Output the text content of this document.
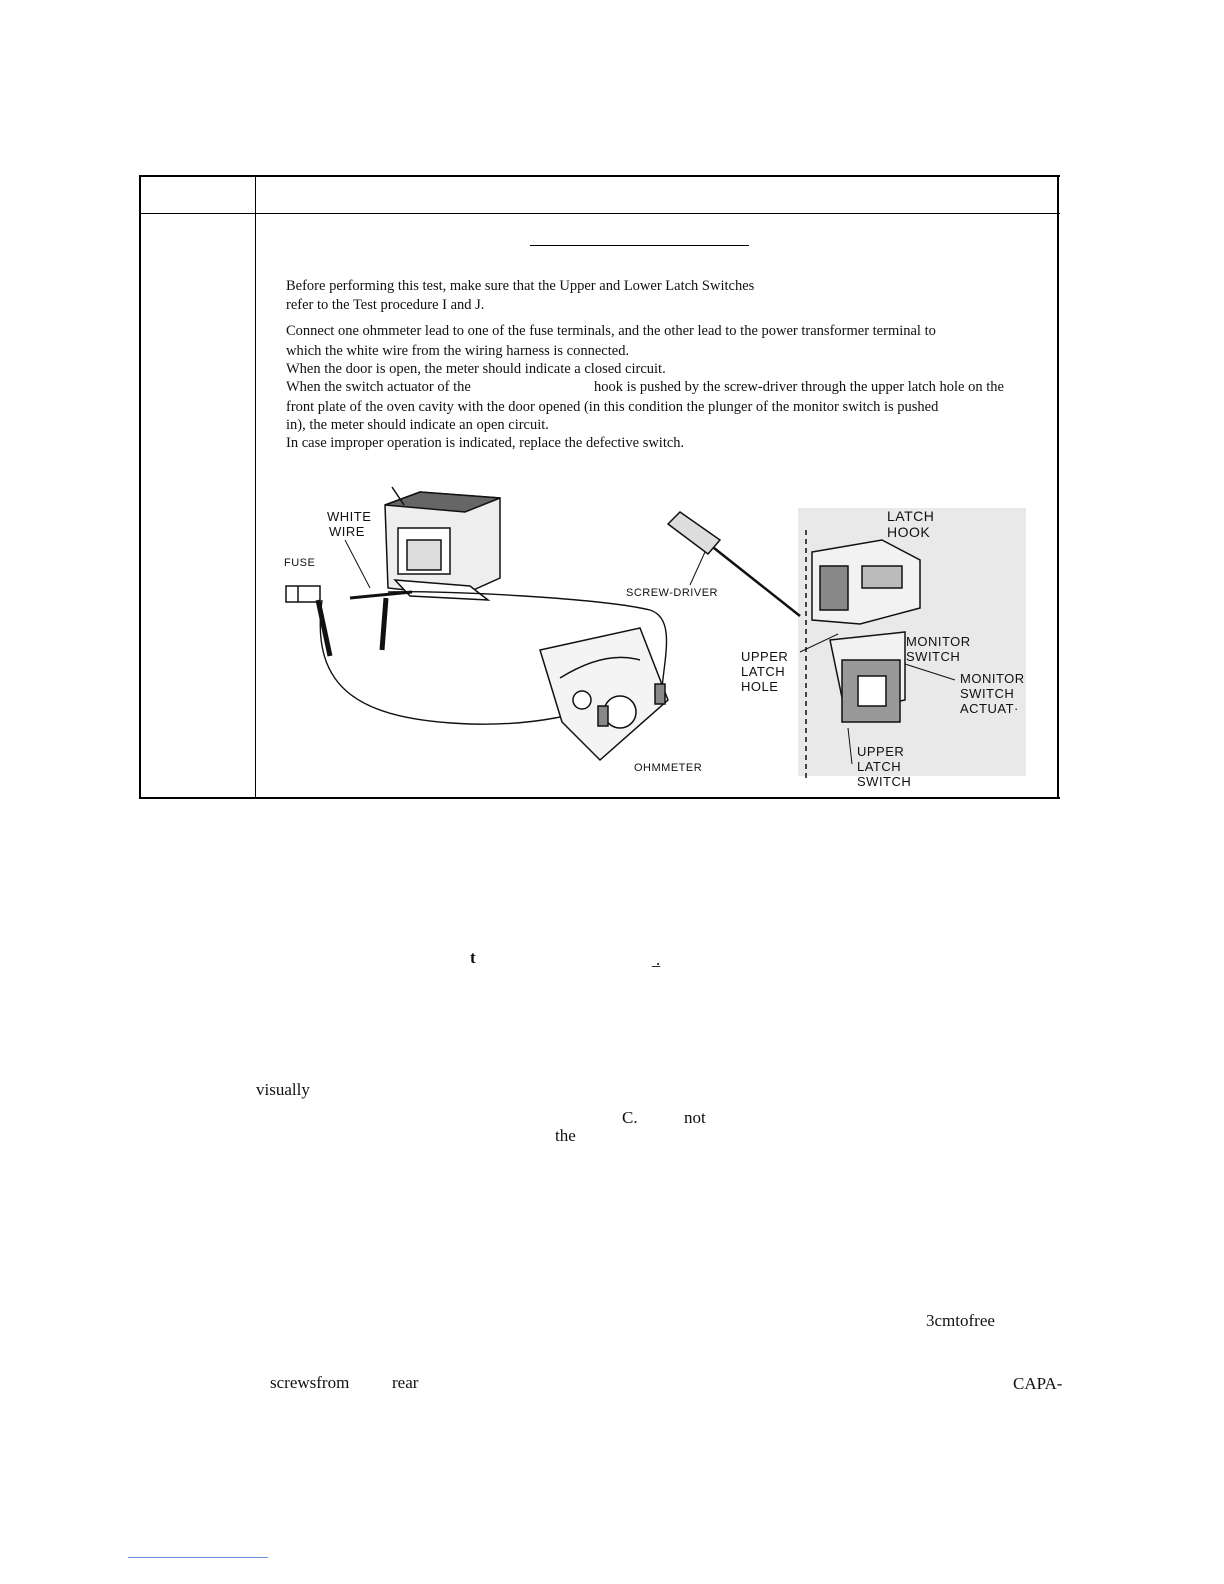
Before performing this test, make sure that the Upper and Lower Latch Switches

refer to the Test procedure I and J.

Connect one ohmmeter lead to one of the fuse terminals, and the other lead to the power transformer terminal to

which the white wire from the wiring harness is connected.

When the door is open, the meter should indicate a closed circuit.

When the switch actuator of the	hook is pushed by the screw-driver through the upper latch hole on the

front plate of the oven cavity with the door opened (in this condition the plunger of the monitor switch is pushed

in), the meter should indicate an open circuit.

In case improper operation is indicated, replace the defective switch.

WHITE
WIRE
FUSE
SCREW-DRIVER
OHMMETER
LATCH
HOOK
MONITOR
SWITCH
UPPER
LATCH
HOLE
MONITOR
SWITCH
ACTUAT·
UPPER
LATCH
SWITCH
t	̲.
visually
C.	not
the
3cmtofree
screwsfrom	rear	CAPA-
